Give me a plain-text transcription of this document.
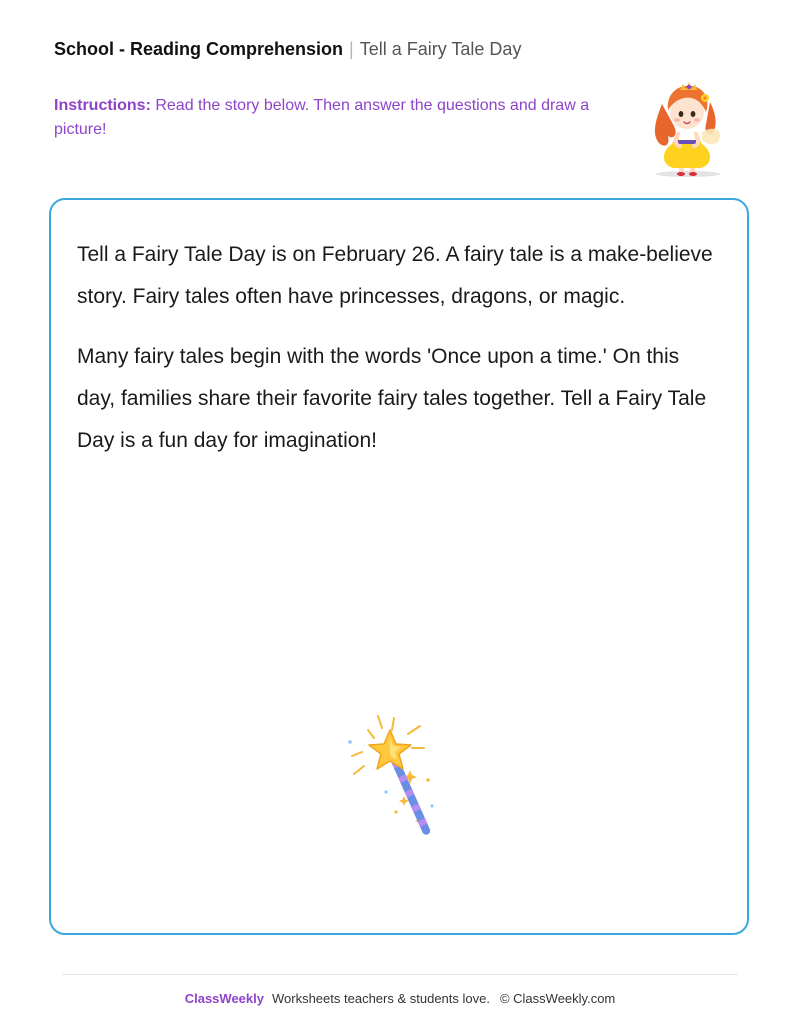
School - Reading Comprehension | Tell a Fairy Tale Day
Instructions: Read the story below. Then answer the questions and draw a picture!

Tell a Fairy Tale Day is on February 26. A fairy tale is a make-believe story. Fairy tales often have princesses, dragons, or magic.

Many fairy tales begin with the words 'Once upon a time.' On this day, families share their favorite fairy tales together. Tell a Fairy Tale Day is a fun day for imagination!

ClassWeekly Worksheets teachers & students love. © ClassWeekly.com
